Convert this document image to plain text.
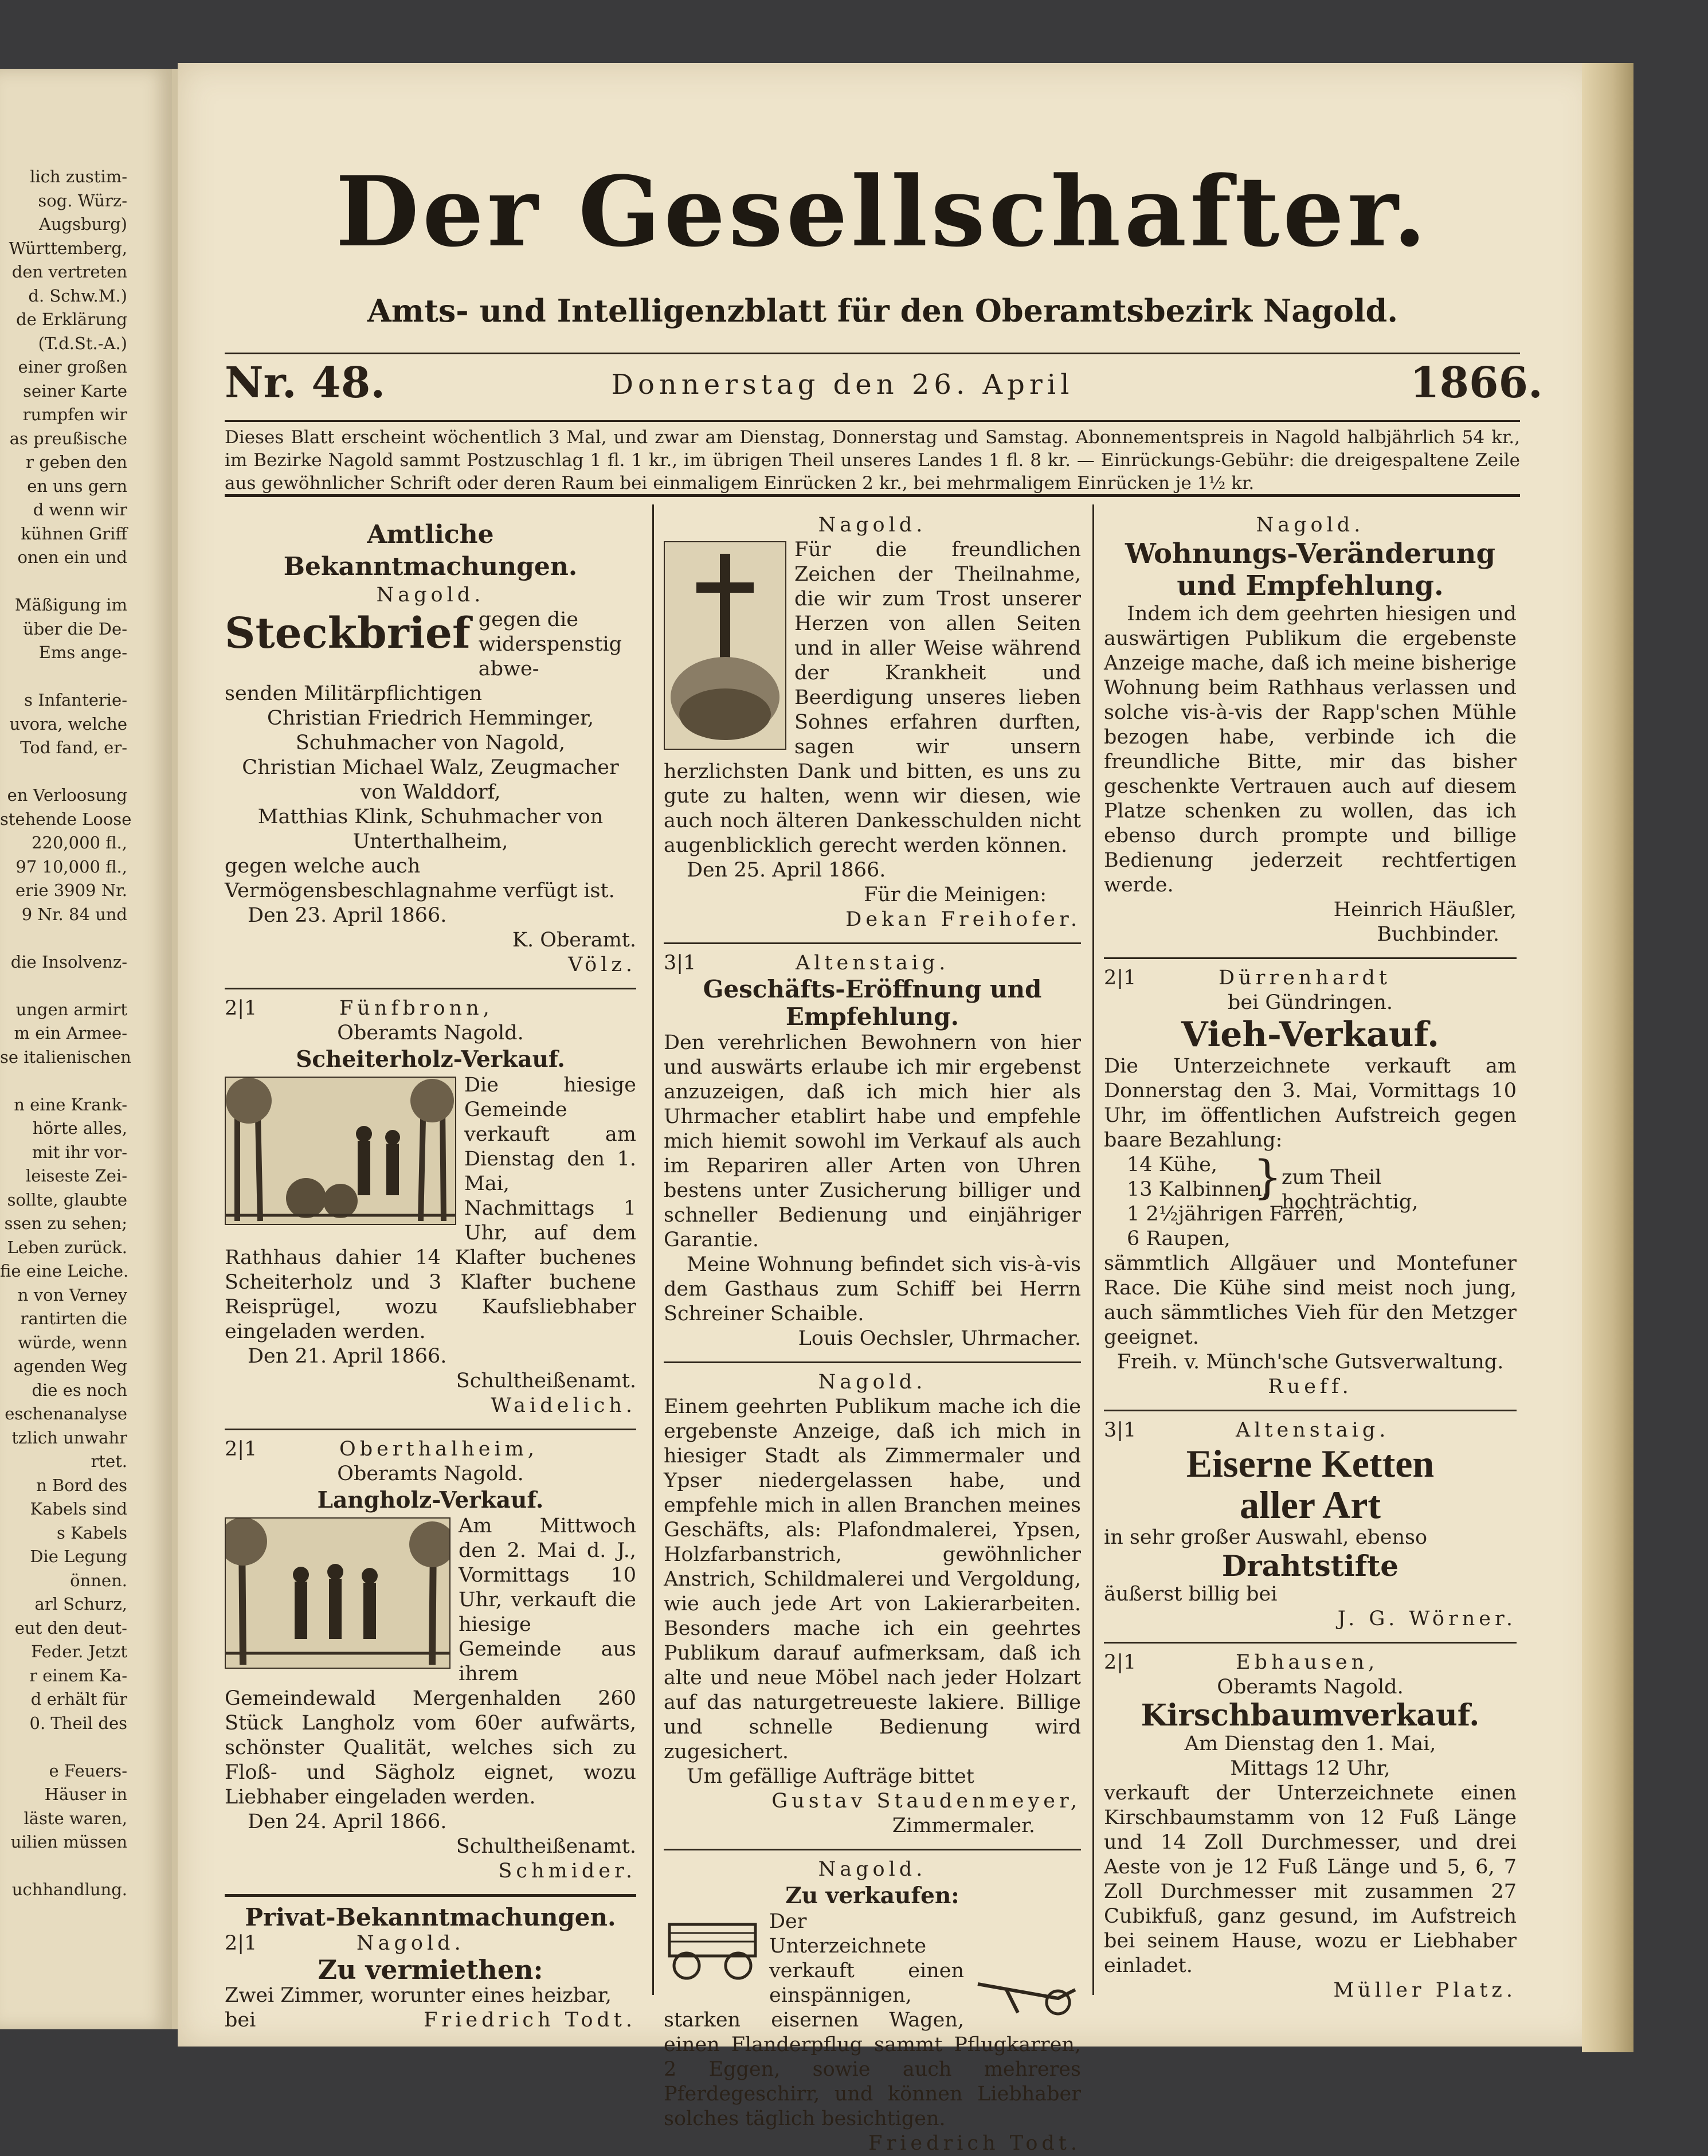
lich zustim-
sog. Würz-
Augsburg)
Württemberg,
den vertreten
d. Schw.M.)
de Erklärung
(T.d.St.-A.)
einer großen
seiner Karte
rumpfen wir
as preußische
r geben den
en uns gern
d wenn wir
kühnen Griff
onen ein und

Mäßigung im
über die De-
Ems ange-

s Infanterie-
uvora, welche
Tod fand, er-

en Verloosung
stehende Loose
220,000 fl.,
97 10,000 fl.,
erie 3909 Nr.
9 Nr. 84 und

die Insolvenz-

ungen armirt
m ein Armee-
se italienischen

n eine Krank-
hörte alles,
mit ihr vor-
leiseste Zei-
sollte, glaubte
ssen zu sehen;
Leben zurück.
fie eine Leiche.
n von Verney
rantirten die
würde, wenn
agenden Weg
die es noch
eschenanalyse
tzlich unwahr
rtet.
n Bord des
Kabels sind
s Kabels
Die Legung
önnen.
arl Schurz,
eut den deut-
Feder. Jetzt
r einem Ka-
d erhält für
0. Theil des

e Feuers-
Häuser in
läste waren,
uilien müssen

uchhandlung.
Der Gesellschafter.
Amts- und Intelligenzblatt für den Oberamtsbezirk Nagold.
Nr. 48.	Donnerstag den 26. April	1866.
Dieses Blatt erscheint wöchentlich 3 Mal, und zwar am Dienstag, Donnerstag und Samstag. Abonnementspreis in Nagold halbjährlich 54 kr., im Bezirke Nagold sammt Postzuschlag 1 fl. 1 kr., im übrigen Theil unseres Landes 1 fl. 8 kr. — Einrückungs-Gebühr: die dreigespaltene Zeile aus gewöhnlicher Schrift oder deren Raum bei einmaligem Einrücken 2 kr., bei mehrmaligem Einrücken je 1½ kr.

Amtliche Bekanntmachungen.

Nagold.

Steckbrief gegen die widerspenstig abwe-

senden Militärpflichtigen

Christian Friedrich Hemminger, Schuhmacher von Nagold,

Christian Michael Walz, Zeugmacher von Walddorf,

Matthias Klink, Schuhmacher von Unterthalheim,

gegen welche auch Vermögensbeschlagnahme verfügt ist.

Den 23. April 1866.

K. Oberamt.

Völz.

2|1	Fünfbronn,

Oberamts Nagold.

Scheiterholz-Verkauf.

Die hiesige Gemeinde verkauft am Dienstag den 1. Mai, Nachmittags 1 Uhr, auf dem Rathhaus dahier 14 Klafter buchenes Scheiterholz und 3 Klafter buchene Reisprügel, wozu Kaufsliebhaber eingeladen werden.

Den 21. April 1866.

Schultheißenamt.

Waidelich.

2|1	Oberthalheim,

Oberamts Nagold.

Langholz-Verkauf.

Am Mittwoch den 2. Mai d. J., Vormittags 10 Uhr, verkauft die hiesige Gemeinde aus ihrem Gemeindewald Mergenhalden 260 Stück Langholz vom 60er aufwärts, schönster Qualität, welches sich zu Floß- und Sägholz eignet, wozu Liebhaber eingeladen werden.

Den 24. April 1866.

Schultheißenamt.

Schmider.

Privat-Bekanntmachungen.

2|1	Nagold.

Zu vermiethen:

Zwei Zimmer, worunter eines heizbar, bei	Friedrich Todt.

Nagold.

Für die freundlichen Zeichen der Theilnahme, die wir zum Trost unserer Herzen von allen Seiten und in aller Weise während der Krankheit und Beerdigung unseres lieben Sohnes erfahren durften, sagen wir unsern herzlichsten Dank und bitten, es uns zu gute zu halten, wenn wir diesen, wie auch noch älteren Dankesschulden nicht augenblicklich gerecht werden können.

Den 25. April 1866.

Für die Meinigen:

Dekan Freihofer.

3|1	Altenstaig.

Geschäfts-Eröffnung und Empfehlung.

Den verehrlichen Bewohnern von hier und auswärts erlaube ich mir ergebenst anzuzeigen, daß ich mich hier als Uhrmacher etablirt habe und empfehle mich hiemit sowohl im Verkauf als auch im Repariren aller Arten von Uhren bestens unter Zusicherung billiger und schneller Bedienung und einjähriger Garantie.

Meine Wohnung befindet sich vis-à-vis dem Gasthaus zum Schiff bei Herrn Schreiner Schaible.

Louis Oechsler, Uhrmacher.

Nagold.

Einem geehrten Publikum mache ich die ergebenste Anzeige, daß ich mich in hiesiger Stadt als Zimmermaler und Ypser niedergelassen habe, und empfehle mich in allen Branchen meines Geschäfts, als: Plafondmalerei, Ypsen, Holzfarbanstrich, gewöhnlicher Anstrich, Schildmalerei und Vergoldung, wie auch jede Art von Lakierarbeiten. Besonders mache ich ein geehrtes Publikum darauf aufmerksam, daß ich alte und neue Möbel nach jeder Holzart auf das naturgetreueste lakiere. Billige und schnelle Bedienung wird zugesichert.

Um gefällige Aufträge bittet

Gustav Staudenmeyer,

Zimmermaler.

Nagold.

Zu verkaufen:

Der Unterzeichnete verkauft einen einspännigen, starken eisernen Wagen, einen Flanderpflug sammt Pflugkarren, 2 Eggen, sowie auch mehreres Pferdegeschirr, und können Liebhaber solches täglich besichtigen.

Friedrich Todt.

Nagold.

Wohnungs-Veränderung und Empfehlung.

Indem ich dem geehrten hiesigen und auswärtigen Publikum die ergebenste Anzeige mache, daß ich meine bisherige Wohnung beim Rathhaus verlassen und solche vis-à-vis der Rapp'schen Mühle bezogen habe, verbinde ich die freundliche Bitte, mir das bisher geschenkte Vertrauen auch auf diesem Platze schenken zu wollen, das ich ebenso durch prompte und billige Bedienung jederzeit rechtfertigen werde.

Heinrich Häußler,

Buchbinder.

2|1	Dürrenhardt

bei Gündringen.

Vieh-Verkauf.

Die Unterzeichnete verkauft am Donnerstag den 3. Mai, Vormittags 10 Uhr, im öffentlichen Aufstreich gegen baare Bezahlung:

14 Kühe,

13 Kalbinnen,

} zum Theil hochträchtig,

1 2½jährigen Farren,

6 Raupen,

sämmtlich Allgäuer und Montefuner Race. Die Kühe sind meist noch jung, auch sämmtliches Vieh für den Metzger geeignet.

Freih. v. Münch'sche Gutsverwaltung.

Rueff.

3|1	Altenstaig.

Eiserne Ketten

aller Art

in sehr großer Auswahl, ebenso

Drahtstifte

äußerst billig bei

J. G. Wörner.

2|1	Ebhausen,

Oberamts Nagold.

Kirschbaumverkauf.

Am Dienstag den 1. Mai,

Mittags 12 Uhr,

verkauft der Unterzeichnete einen Kirschbaumstamm von 12 Fuß Länge und 14 Zoll Durchmesser, und drei Aeste von je 12 Fuß Länge und 5, 6, 7 Zoll Durchmesser mit zusammen 27 Cubikfuß, ganz gesund, im Aufstreich bei seinem Hause, wozu er Liebhaber einladet.

Müller Platz.
